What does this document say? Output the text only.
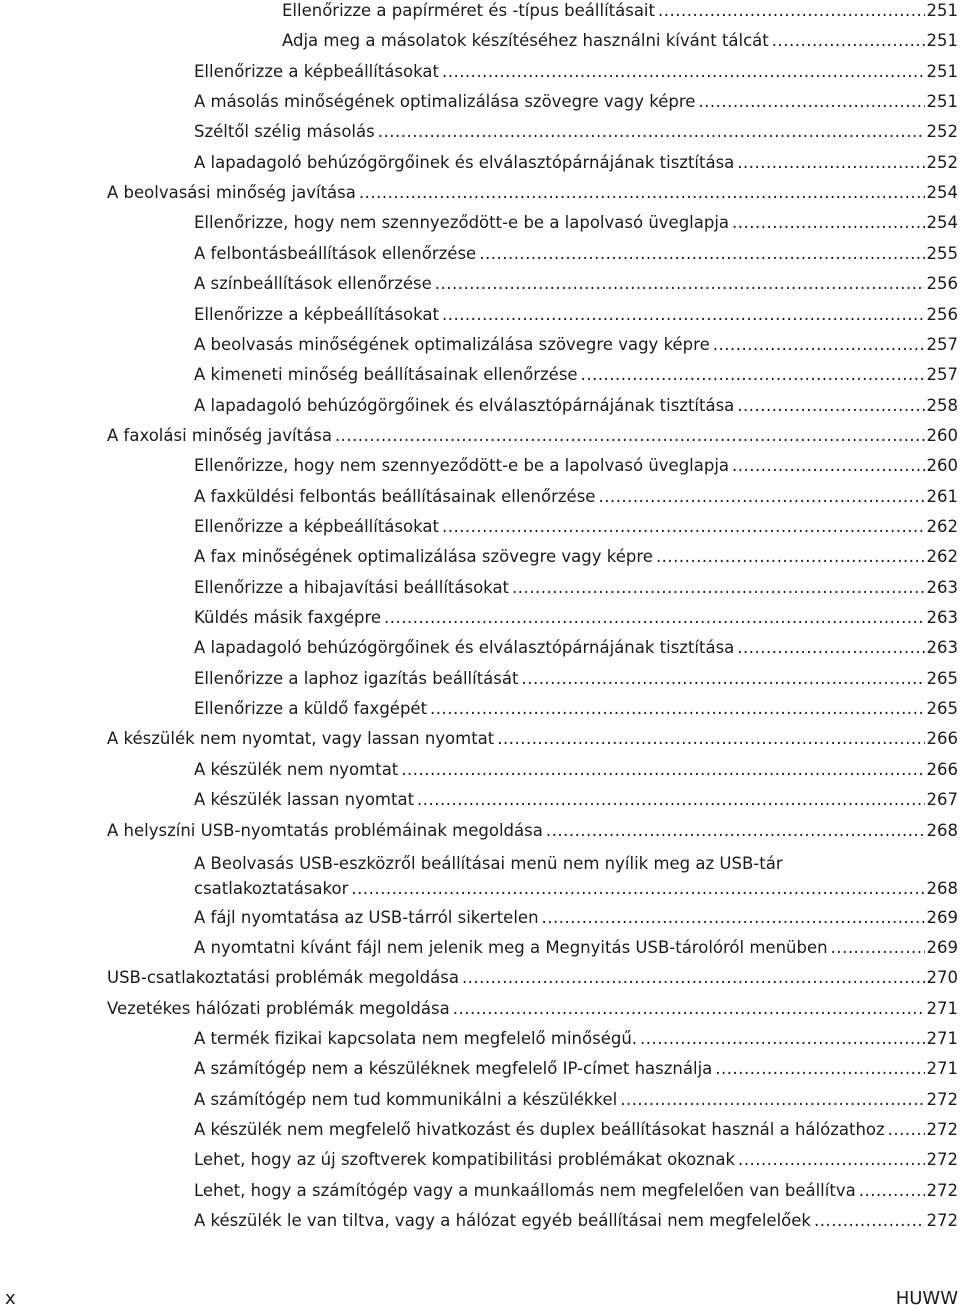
Ellenőrizze a papírméret és -típus beállításait .....	251
Adja meg a másolatok készítéséhez használni kívánt tálcát .....	251
Ellenőrizze a képbeállításokat .....	251
A másolás minőségének optimalizálása szövegre vagy képre .....	251
Széltől szélig másolás .....	252
A lapadagoló behúzógörgőinek és elválasztópárnájának tisztítása .....	252
A beolvasási minőség javítása .....	254
Ellenőrizze, hogy nem szennyeződött-e be a lapolvasó üveglapja .....	254
A felbontásbeállítások ellenőrzése .....	255
A színbeállítások ellenőrzése .....	256
Ellenőrizze a képbeállításokat .....	256
A beolvasás minőségének optimalizálása szövegre vagy képre .....	257
A kimeneti minőség beállításainak ellenőrzése .....	257
A lapadagoló behúzógörgőinek és elválasztópárnájának tisztítása .....	258
A faxolási minőség javítása .....	260
Ellenőrizze, hogy nem szennyeződött-e be a lapolvasó üveglapja .....	260
A faxküldési felbontás beállításainak ellenőrzése .....	261
Ellenőrizze a képbeállításokat .....	262
A fax minőségének optimalizálása szövegre vagy képre .....	262
Ellenőrizze a hibajavítási beállításokat .....	263
Küldés másik faxgépre .....	263
A lapadagoló behúzógörgőinek és elválasztópárnájának tisztítása .....	263
Ellenőrizze a laphoz igazítás beállítását .....	265
Ellenőrizze a küldő faxgépét .....	265
A készülék nem nyomtat, vagy lassan nyomtat .....	266
A készülék nem nyomtat .....	266
A készülék lassan nyomtat .....	267
A helyszíni USB-nyomtatás problémáinak megoldása .....	268
A Beolvasás USB-eszközről beállításai menü nem nyílik meg az USB-tár
csatlakoztatásakor .....	268
A fájl nyomtatása az USB-tárról sikertelen .....	269
A nyomtatni kívánt fájl nem jelenik meg a Megnyitás USB-tárolóról menüben .....	269
USB-csatlakoztatási problémák megoldása .....	270
Vezetékes hálózati problémák megoldása .....	271
A termék fizikai kapcsolata nem megfelelő minőségű. .....	271
A számítógép nem a készüléknek megfelelő IP-címet használja .....	271
A számítógép nem tud kommunikálni a készülékkel .....	272
A készülék nem megfelelő hivatkozást és duplex beállításokat használ a hálózathoz .....	272
Lehet, hogy az új szoftverek kompatibilitási problémákat okoznak .....	272
Lehet, hogy a számítógép vagy a munkaállomás nem megfelelően van beállítva .....	272
A készülék le van tiltva, vagy a hálózat egyéb beállításai nem megfelelőek .....	272
x	HUWW
